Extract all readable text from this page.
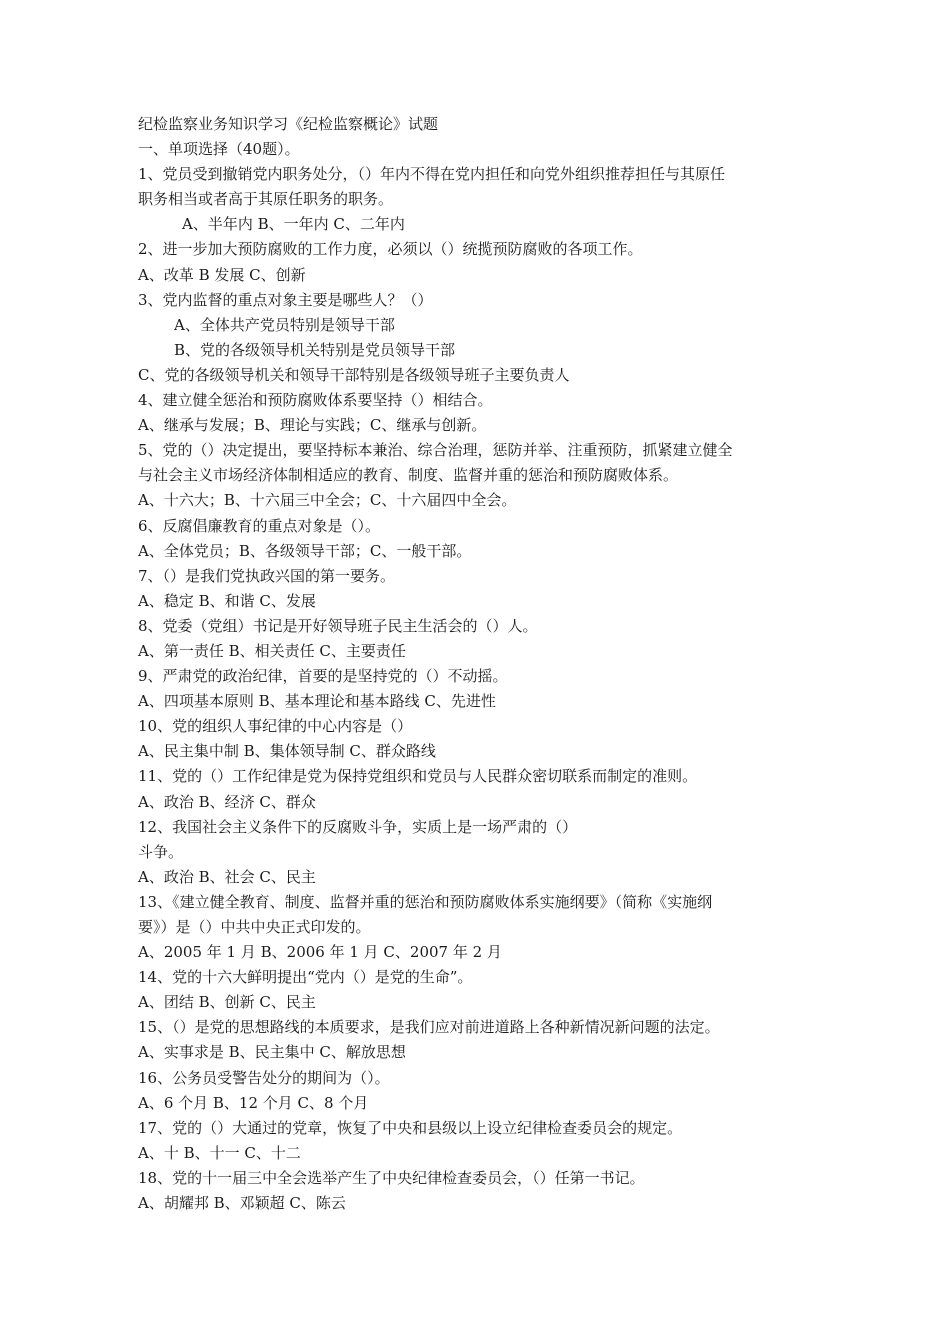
纪检监察业务知识学习《纪检监察概论》试题
一、单项选择（40题）。
1、党员受到撤销党内职务处分，（）年内不得在党内担任和向党外组织推荐担任与其原任
职务相当或者高于其原任职务的职务。
A、半年内 B、一年内 C、二年内
2、进一步加大预防腐败的工作力度，必须以（）统揽预防腐败的各项工作。
A、改革 B 发展 C、创新
3、党内监督的重点对象主要是哪些人？（）
A、全体共产党员特别是领导干部
B、党的各级领导机关特别是党员领导干部
C、党的各级领导机关和领导干部特别是各级领导班子主要负责人
4、建立健全惩治和预防腐败体系要坚持（）相结合。
A、继承与发展；B、理论与实践；C、继承与创新。
5、党的（）决定提出，要坚持标本兼治、综合治理，惩防并举、注重预防，抓紧建立健全
与社会主义市场经济体制相适应的教育、制度、监督并重的惩治和预防腐败体系。
A、十六大；B、十六届三中全会；C、十六届四中全会。
6、反腐倡廉教育的重点对象是（）。
A、全体党员；B、各级领导干部；C、一般干部。
7、（）是我们党执政兴国的第一要务。
A、稳定 B、和谐 C、发展
8、党委（党组）书记是开好领导班子民主生活会的（）人。
A、第一责任 B、相关责任 C、主要责任
9、严肃党的政治纪律，首要的是坚持党的（）不动摇。
A、四项基本原则 B、基本理论和基本路线 C、先进性
10、党的组织人事纪律的中心内容是（）
A、民主集中制 B、集体领导制 C、群众路线
11、党的（）工作纪律是党为保持党组织和党员与人民群众密切联系而制定的准则。
A、政治 B、经济 C、群众
12、我国社会主义条件下的反腐败斗争，实质上是一场严肃的（）
斗争。
A、政治 B、社会 C、民主
13、《建立健全教育、制度、监督并重的惩治和预防腐败体系实施纲要》（简称《实施纲
要》）是（）中共中央正式印发的。
A、2005 年 1 月 B、2006 年 1 月 C、2007 年 2 月
14、党的十六大鲜明提出“党内（）是党的生命”。
A、团结 B、创新 C、民主
15、（）是党的思想路线的本质要求，是我们应对前进道路上各种新情况新问题的法定。
A、实事求是 B、民主集中 C、解放思想
16、公务员受警告处分的期间为（）。
A、6 个月 B、12 个月 C、8 个月
17、党的（）大通过的党章，恢复了中央和县级以上设立纪律检查委员会的规定。
A、十 B、十一 C、十二
18、党的十一届三中全会选举产生了中央纪律检查委员会，（）任第一书记。
A、胡耀邦 B、邓颖超 C、陈云
